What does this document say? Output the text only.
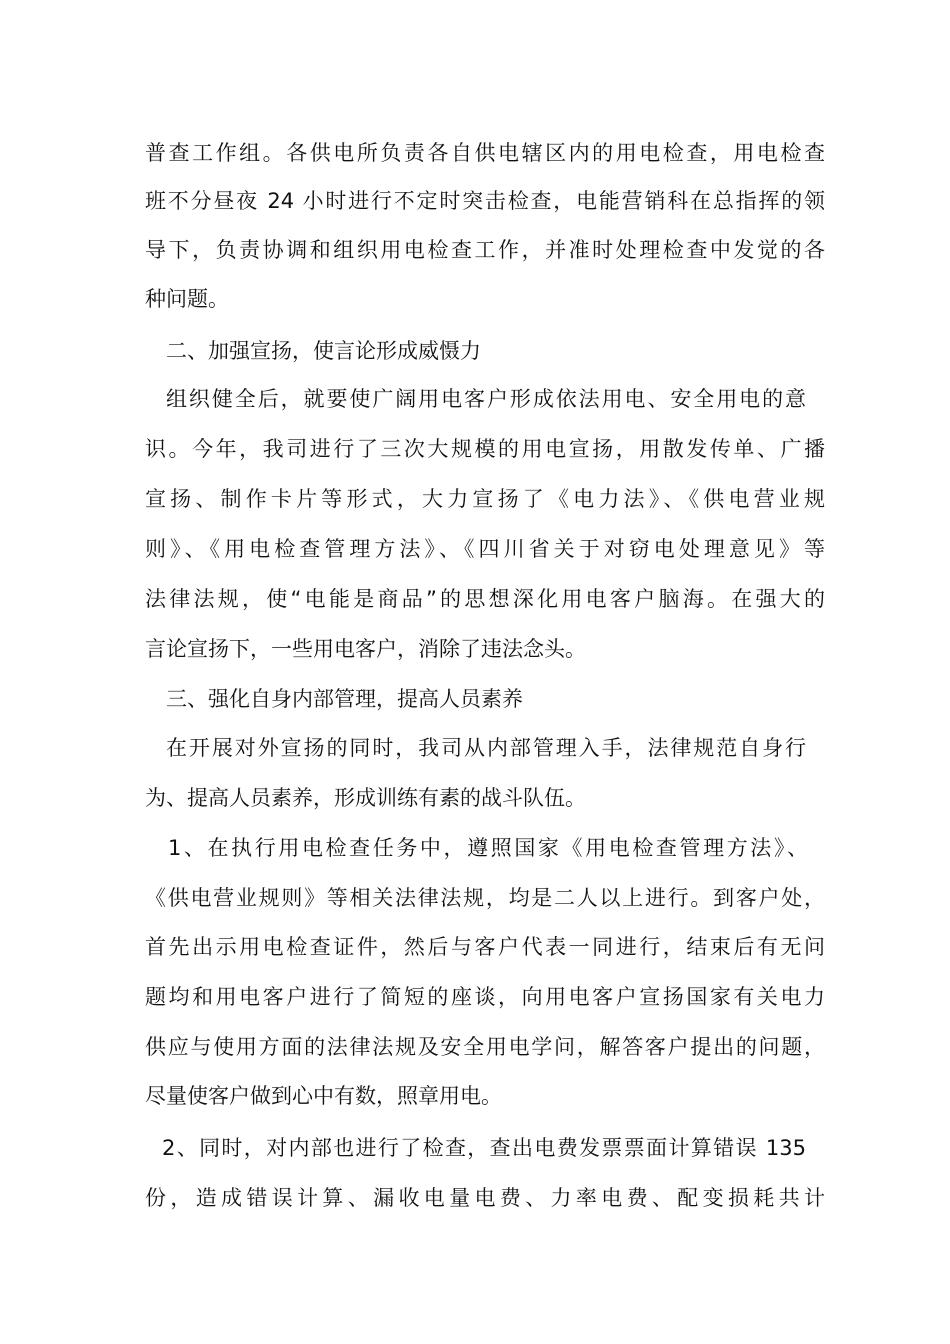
普查工作组。各供电所负责各自供电辖区内的用电检查，用电检查
班不分昼夜 24 小时进行不定时突击检查，电能营销科在总指挥的领
导下，负责协调和组织用电检查工作，并准时处理检查中发觉的各
种问题。
二、加强宣扬，使言论形成威慑力
组织健全后，就要使广阔用电客户形成依法用电、安全用电的意
识。今年，我司进行了三次大规模的用电宣扬，用散发传单、广播
宣扬、制作卡片等形式，大力宣扬了《电力法》、《供电营业规
则》、《用电检查管理方法》、《四川省关于对窃电处理意见》等
法律法规，使“电能是商品”的思想深化用电客户脑海。在强大的
言论宣扬下，一些用电客户，消除了违法念头。
三、强化自身内部管理，提高人员素养
在开展对外宣扬的同时，我司从内部管理入手，法律规范自身行
为、提高人员素养，形成训练有素的战斗队伍。
1、在执行用电检查任务中，遵照国家《用电检查管理方法》、
《供电营业规则》等相关法律法规，均是二人以上进行。到客户处，
首先出示用电检查证件，然后与客户代表一同进行，结束后有无问
题均和用电客户进行了简短的座谈，向用电客户宣扬国家有关电力
供应与使用方面的法律法规及安全用电学问，解答客户提出的问题，
尽量使客户做到心中有数，照章用电。
2、同时，对内部也进行了检查，查出电费发票票面计算错误 135
份，造成错误计算、漏收电量电费、力率电费、配变损耗共计
